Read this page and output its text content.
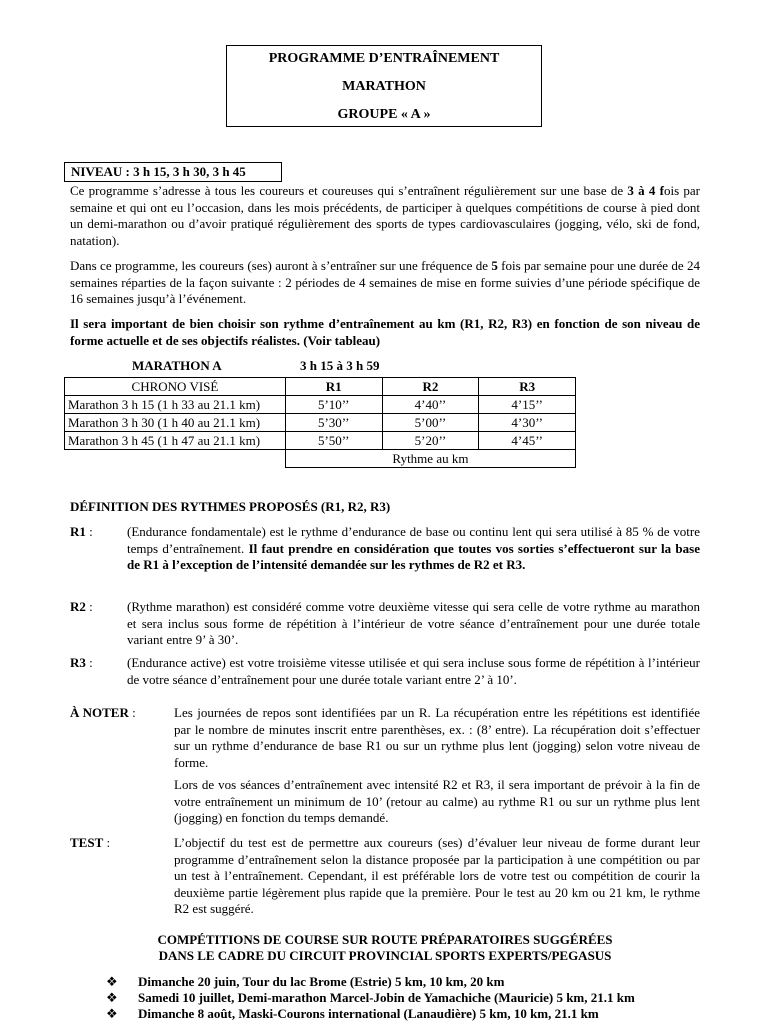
PROGRAMME D’ENTRAÎNEMENT
MARATHON
GROUPE « A »
NIVEAU : 3 h 15, 3 h 30, 3 h 45
Ce programme s’adresse à tous les coureurs et coureuses qui s’entraînent régulièrement sur une base de 3 à 4 fois par semaine et qui ont eu l’occasion, dans les mois précédents, de participer à quelques compétitions de course à pied dont un demi-marathon ou d’avoir pratiqué régulièrement des sports de types cardiovasculaires (jogging, vélo, ski de fond, natation).
Dans ce programme, les coureurs (ses) auront à s’entraîner sur une fréquence de 5 fois par semaine pour une durée de 24 semaines réparties de la façon suivante : 2 périodes de 4 semaines de mise en forme suivies d’une période spécifique de 16 semaines jusqu’à l’événement.
Il sera important de bien choisir son rythme d’entraînement au km (R1, R2, R3) en fonction de son niveau de forme actuelle et de ses objectifs réalistes. (Voir tableau)
MARATHON A	3 h 15 à 3 h 59
CHRONO VISÉ	R1	R2	R3
Marathon 3 h 15 (1 h 33 au 21.1 km)	5’10’’	4’40’’	4’15’’
Marathon 3 h 30 (1 h 40 au 21.1 km)	5’30’’	5’00’’	4’30’’
Marathon 3 h 45 (1 h 47 au 21.1 km)	5’50’’	5’20’’	4’45’’
	Rythme au km		
DÉFINITION DES RYTHMES PROPOSÉS (R1, R2, R3)
R1 :	(Endurance fondamentale) est le rythme d’endurance de base ou continu lent qui sera utilisé à 85 % de votre temps d’entraînement. Il faut prendre en considération que toutes vos sorties s’effectueront sur la base de R1 à l’exception de l’intensité demandée sur les rythmes de R2 et R3.
R2 :	(Rythme marathon) est considéré comme votre deuxième vitesse qui sera celle de votre rythme au marathon et sera inclus sous forme de répétition à l’intérieur de votre séance d’entraînement pour une durée totale variant entre 9’ à 30’.
R3 :	(Endurance active) est votre troisième vitesse utilisée et qui sera incluse sous forme de répétition à l’intérieur de votre séance d’entraînement pour une durée totale variant entre 2’ à 10’.
À NOTER :	Les journées de repos sont identifiées par un R. La récupération entre les répétitions est identifiée par le nombre de minutes inscrit entre parenthèses, ex. : (8’ entre). La récupération doit s’effectuer sur un rythme d’endurance de base R1 ou sur un rythme plus lent (jogging) selon votre niveau de forme.
Lors de vos séances d’entraînement avec intensité R2 et R3, il sera important de prévoir à la fin de votre entraînement un minimum de 10’ (retour au calme) au rythme R1 ou sur un rythme plus lent (jogging) en fonction du temps demandé.
TEST :	L’objectif du test est de permettre aux coureurs (ses) d’évaluer leur niveau de forme durant leur programme d’entraînement selon la distance proposée par la participation à une compétition ou par un test à l’entraînement. Cependant, il est préférable lors de votre test ou compétition de courir la deuxième partie légèrement plus rapide que la première. Pour le test au 20 km ou 21 km, le rythme R2 est suggéré.
COMPÉTITIONS DE COURSE SUR ROUTE PRÉPARATOIRES SUGGÉRÉES
DANS LE CADRE DU CIRCUIT PROVINCIAL SPORTS EXPERTS/PEGASUS
❖ Dimanche 20 juin, Tour du lac Brome (Estrie) 5 km, 10 km, 20 km
❖ Samedi 10 juillet, Demi-marathon Marcel-Jobin de Yamachiche (Mauricie) 5 km, 21.1 km
❖ Dimanche 8 août, Maski-Courons international (Lanaudière) 5 km, 10 km, 21.1 km
